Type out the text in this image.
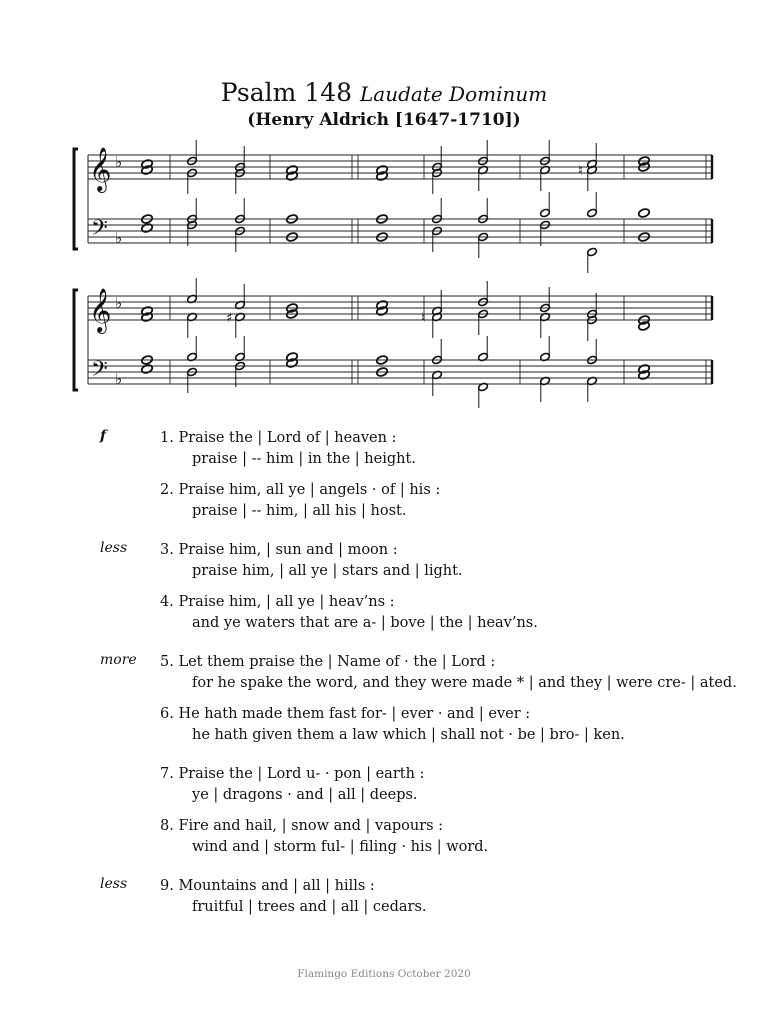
Psalm 148 Laudate Dominum
(Henry Aldrich [1647-1710])
𝄞
𝄢
♭
♭
𝄞
𝄢
♭
♭
♮
♯	♮
f	1. Praise the | Lord of | heaven :
praise | -- him | in the | height.
2. Praise him, all ye | angels · of | his :
praise | -- him, | all his | host.
less 3. Praise him, | sun and | moon :
praise him, | all ye | stars and | light.
4. Praise him, | all ye | heav’ns :
and ye waters that are a- | bove | the | heav’ns.
more 5. Let them praise the | Name of · the | Lord :
for he spake the word, and they were made * | and they | were cre- | ated.
6. He hath made them fast for- | ever · and | ever :
he hath given them a law which | shall not · be | bro- | ken.
7. Praise the | Lord u- · pon | earth :
ye | dragons · and | all | deeps.
8. Fire and hail, | snow and | vapours :
wind and | storm ful- | filing · his | word.
less 9. Mountains and | all | hills :
fruitful | trees and | all | cedars.
Flamingo Editions October 2020
